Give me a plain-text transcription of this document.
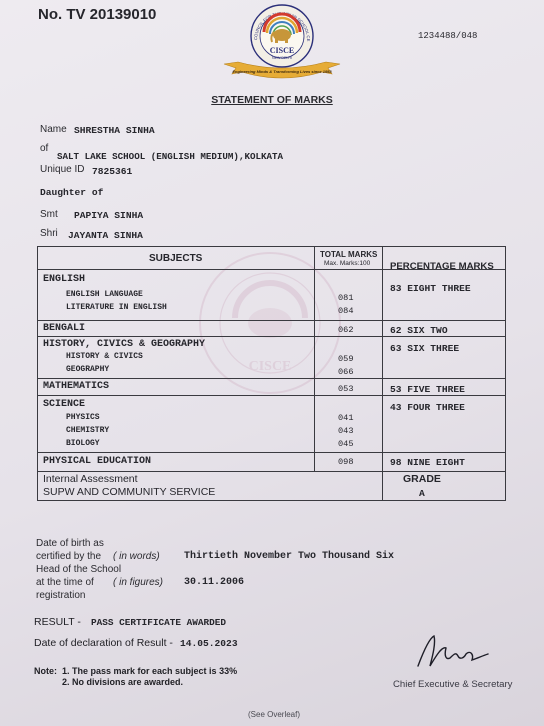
No. TV 20139010
1234488/048
COUNCIL FOR THE INDIAN SCHOOL CE
CISCE
NEW DELHI
Engineering Minds & Transforming Lives since 1958
STATEMENT OF MARKS
Name SHRESTHA SINHA
of
SALT LAKE SCHOOL (ENGLISH MEDIUM),KOLKATA
Unique ID 7825361
Daughter of
Smt PAPIYA SINHA
Shri JAYANTA SINHA
CISCE
SUBJECTS	TOTAL MARKS
Max. Marks:100 PERCENTAGE MARKS
ENGLISH
83 EIGHT THREE
ENGLISH LANGUAGE	081
LITERATURE IN ENGLISH	084
BENGALI	062	62 SIX TWO
HISTORY, CIVICS & GEOGRAPHY	63 SIX THREE
HISTORY & CIVICS	059
GEOGRAPHY	066
MATHEMATICS	053	53 FIVE THREE
SCIENCE	43 FOUR THREE
PHYSICS	041
CHEMISTRY	043
BIOLOGY	045
PHYSICAL EDUCATION	098	98 NINE EIGHT
Internal Assessment
SUPW AND COMMUNITY SERVICE
GRADE
A
Date of birth as
certified by the ( in words)
Head of the School
at the time of ( in figures)
registration
Thirtieth November Two Thousand Six
30.11.2006
RESULT - PASS CERTIFICATE AWARDED
Date of declaration of Result - 14.05.2023
Note: 1. The pass mark for each subject is 33%
2. No divisions are awarded.	Chief Executive & Secretary
(See Overleaf)
